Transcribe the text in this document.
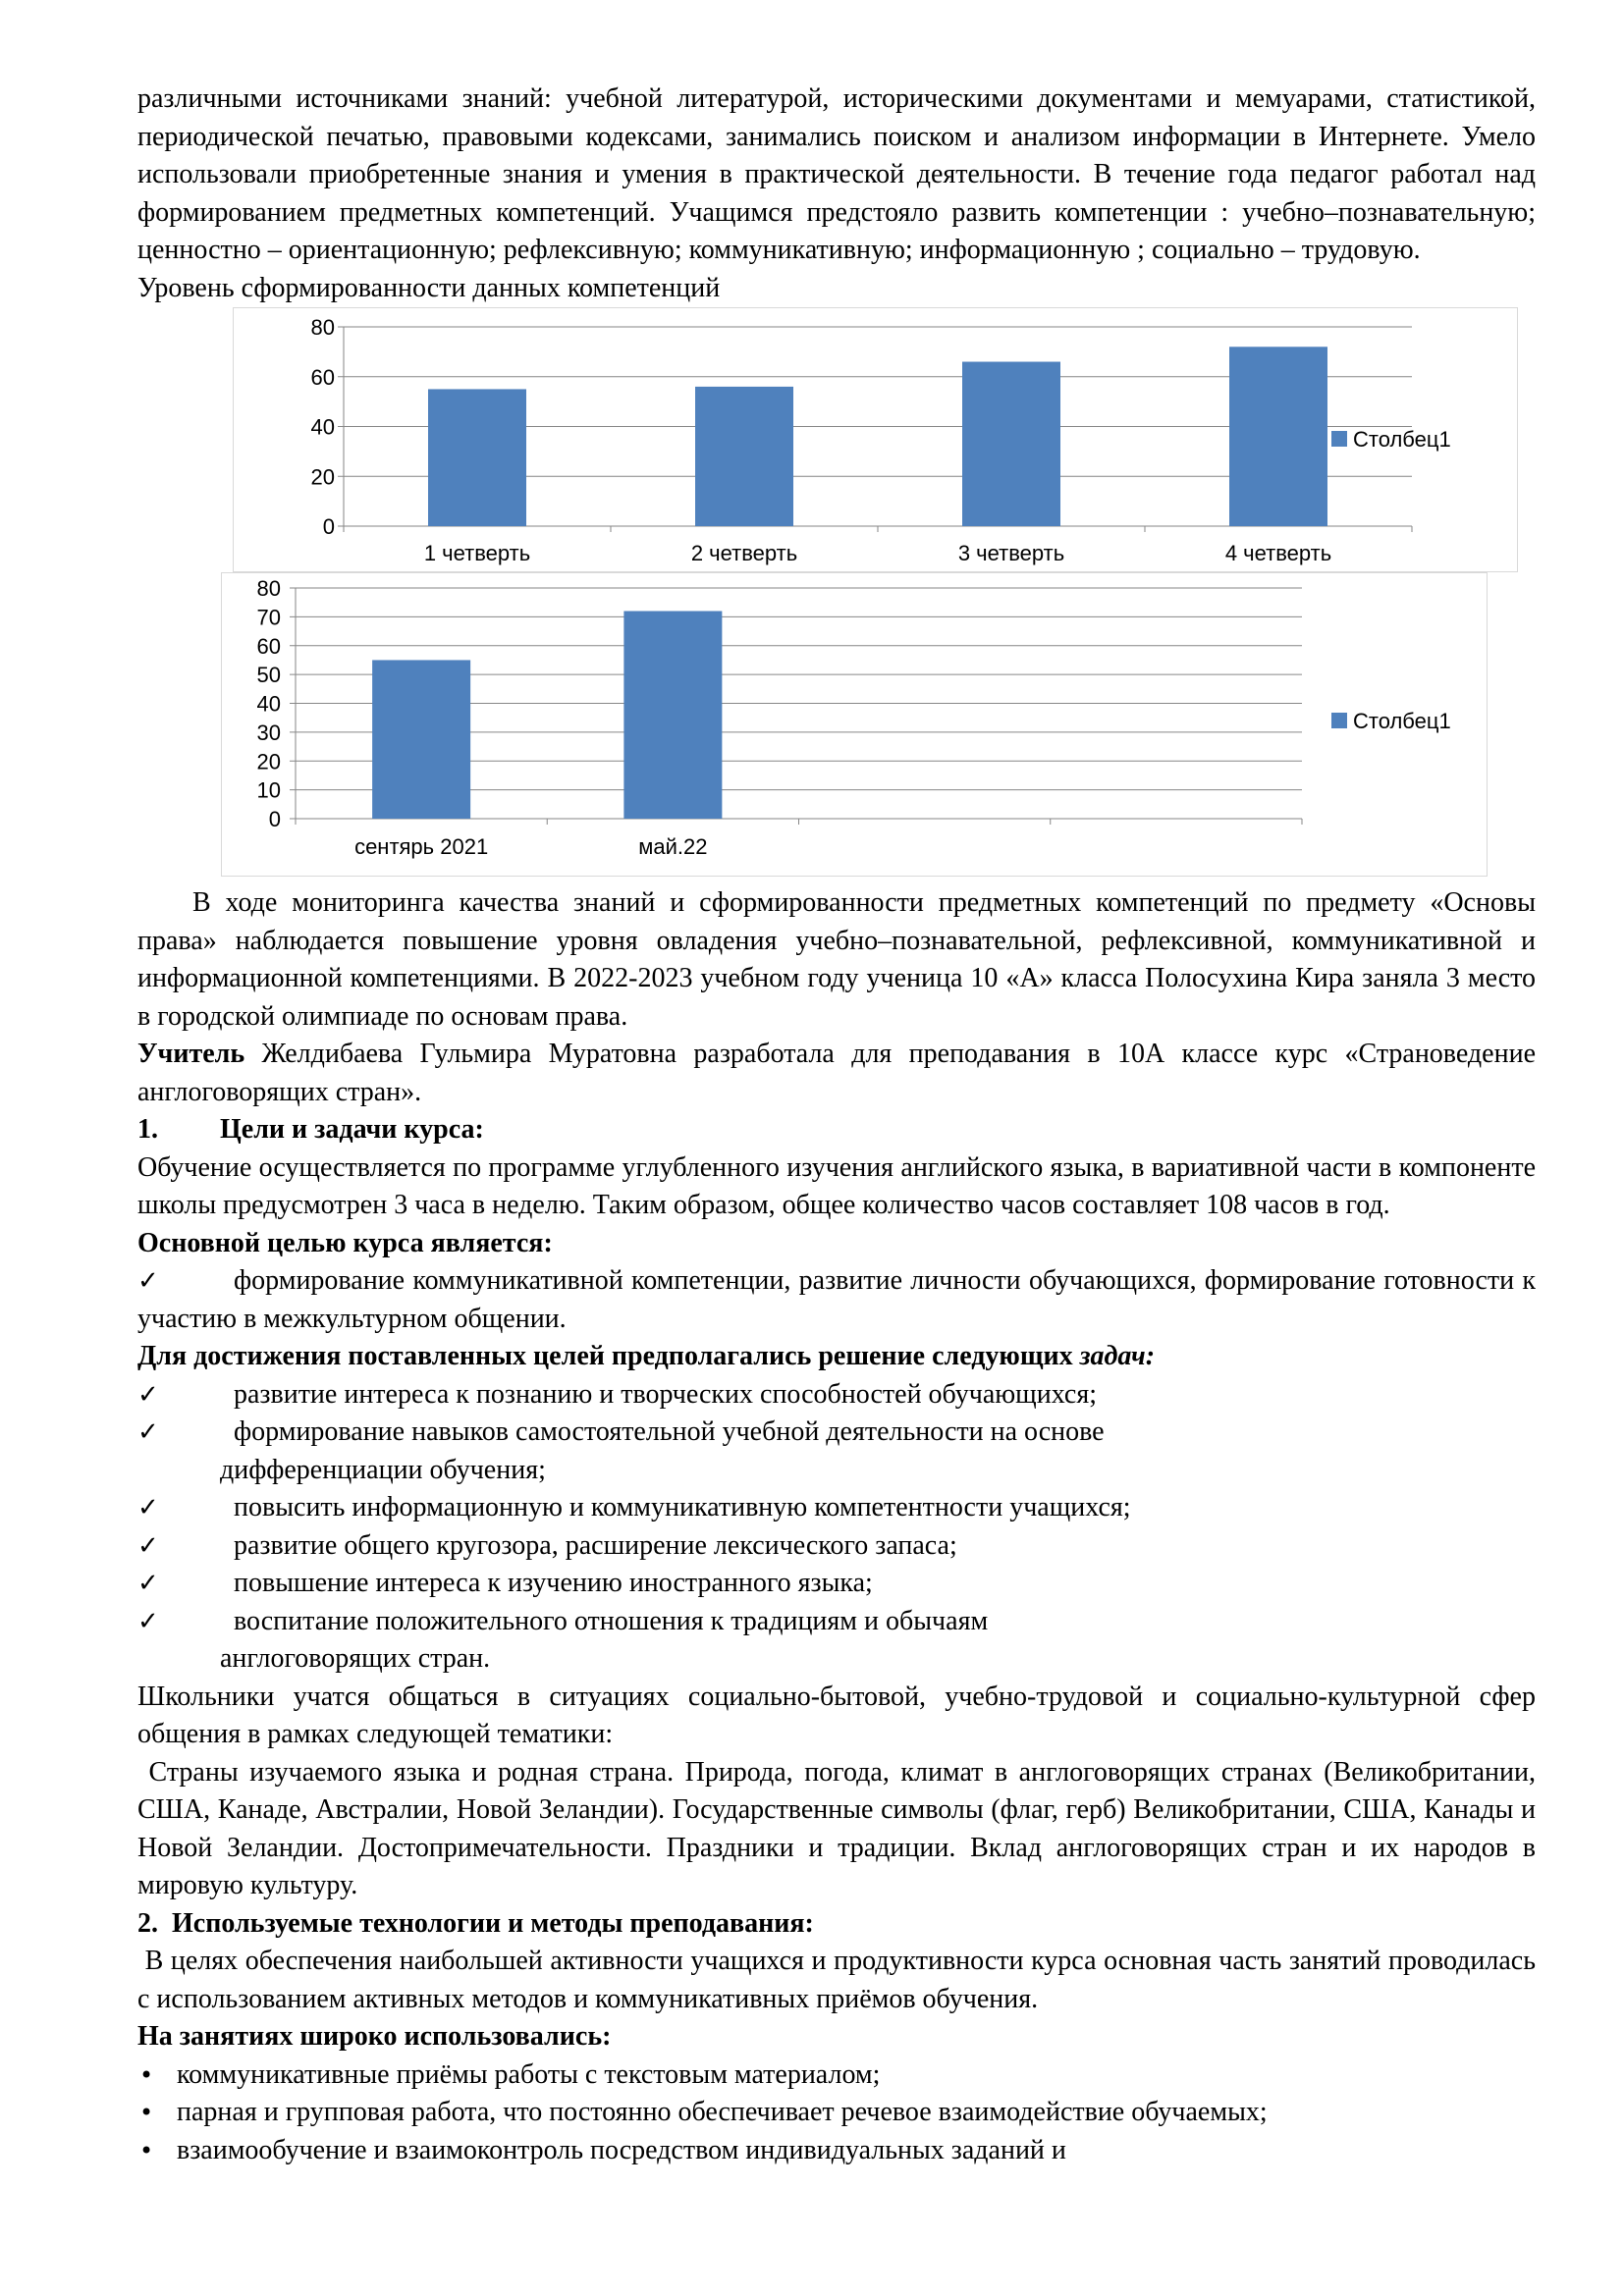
различными источниками знаний: учебной литературой, историческими документами и мемуарами, статистикой, периодической печатью, правовыми кодексами, занимались поиском и анализом информации в Интернете. Умело использовали приобретенные знания и умения в практической деятельности. В течение года педагог работал над формированием предметных компетенций. Учащимся предстояло развить компетенции : учебно–познавательную; ценностно – ориентационную; рефлексивную; коммуникативную; информационную ; социально – трудовую.

Уровень сформированности данных компетенций

0
20
40
60
80
1 четверть	2 четверть	3 четверть	4 четверть
Столбец1
0
10
20
30
40
50
60
70
80
сентярь 2021	май.22
Столбец1

В ходе мониторинга качества знаний и сформированности предметных компетенций по предмету «Основы права» наблюдается повышение уровня овладения учебно–познавательной, рефлексивной, коммуникативной и информационной компетенциями. В 2022-2023 учебном году ученица 10 «А» класса Полосухина Кира заняла 3 место в городской олимпиаде по основам права.

Учитель Желдибаева Гульмира Муратовна разработала для преподавания в 10А классе курс «Страноведение англоговорящих стран».

1. Цели и задачи курса:

Обучение осуществляется по программе углубленного изучения английского языка, в вариативной части в компоненте школы предусмотрен 3 часа в неделю. Таким образом, общее количество часов составляет 108 часов в год.

Основной целью курса является:

✓	формирование коммуникативной компетенции, развитие личности обучающихся, формирование готовности к участию в межкультурном общении.

Для достижения поставленных целей предполагались решение следующих задач:

✓	развитие интереса к познанию и творческих способностей обучающихся;
✓	формирование навыков самостоятельной учебной деятельности на основе
дифференциации обучения;
✓	повысить информационную и коммуникативную компетентности учащихся;
✓	развитие общего кругозора, расширение лексического запаса;
✓	повышение интереса к изучению иностранного языка;
✓	воспитание положительного отношения к традициям и обычаям
англоговорящих стран.

Школьники учатся общаться в ситуациях социально-бытовой, учебно-трудовой и социально-культурной сфер общения в рамках следующей тематики:

Страны изучаемого языка и родная страна. Природа, погода, климат в англоговорящих странах (Великобритании, США, Канаде, Австралии, Новой Зеландии). Государственные символы (флаг, герб) Великобритании, США, Канады и Новой Зеландии. Достопримечательности. Праздники и традиции. Вклад англоговорящих стран и их народов в мировую культуру.

2.  Используемые технологии и методы преподавания:

В целях обеспечения наибольшей активности учащихся и продуктивности курса основная часть занятий проводилась с использованием активных методов и коммуникативных приёмов обучения.

На занятиях широко использовались:

• коммуникативные приёмы работы с текстовым материалом;
• парная и групповая работа, что постоянно обеспечивает речевое взаимодействие обучаемых;
• взаимообучение и взаимоконтроль посредством индивидуальных заданий и
